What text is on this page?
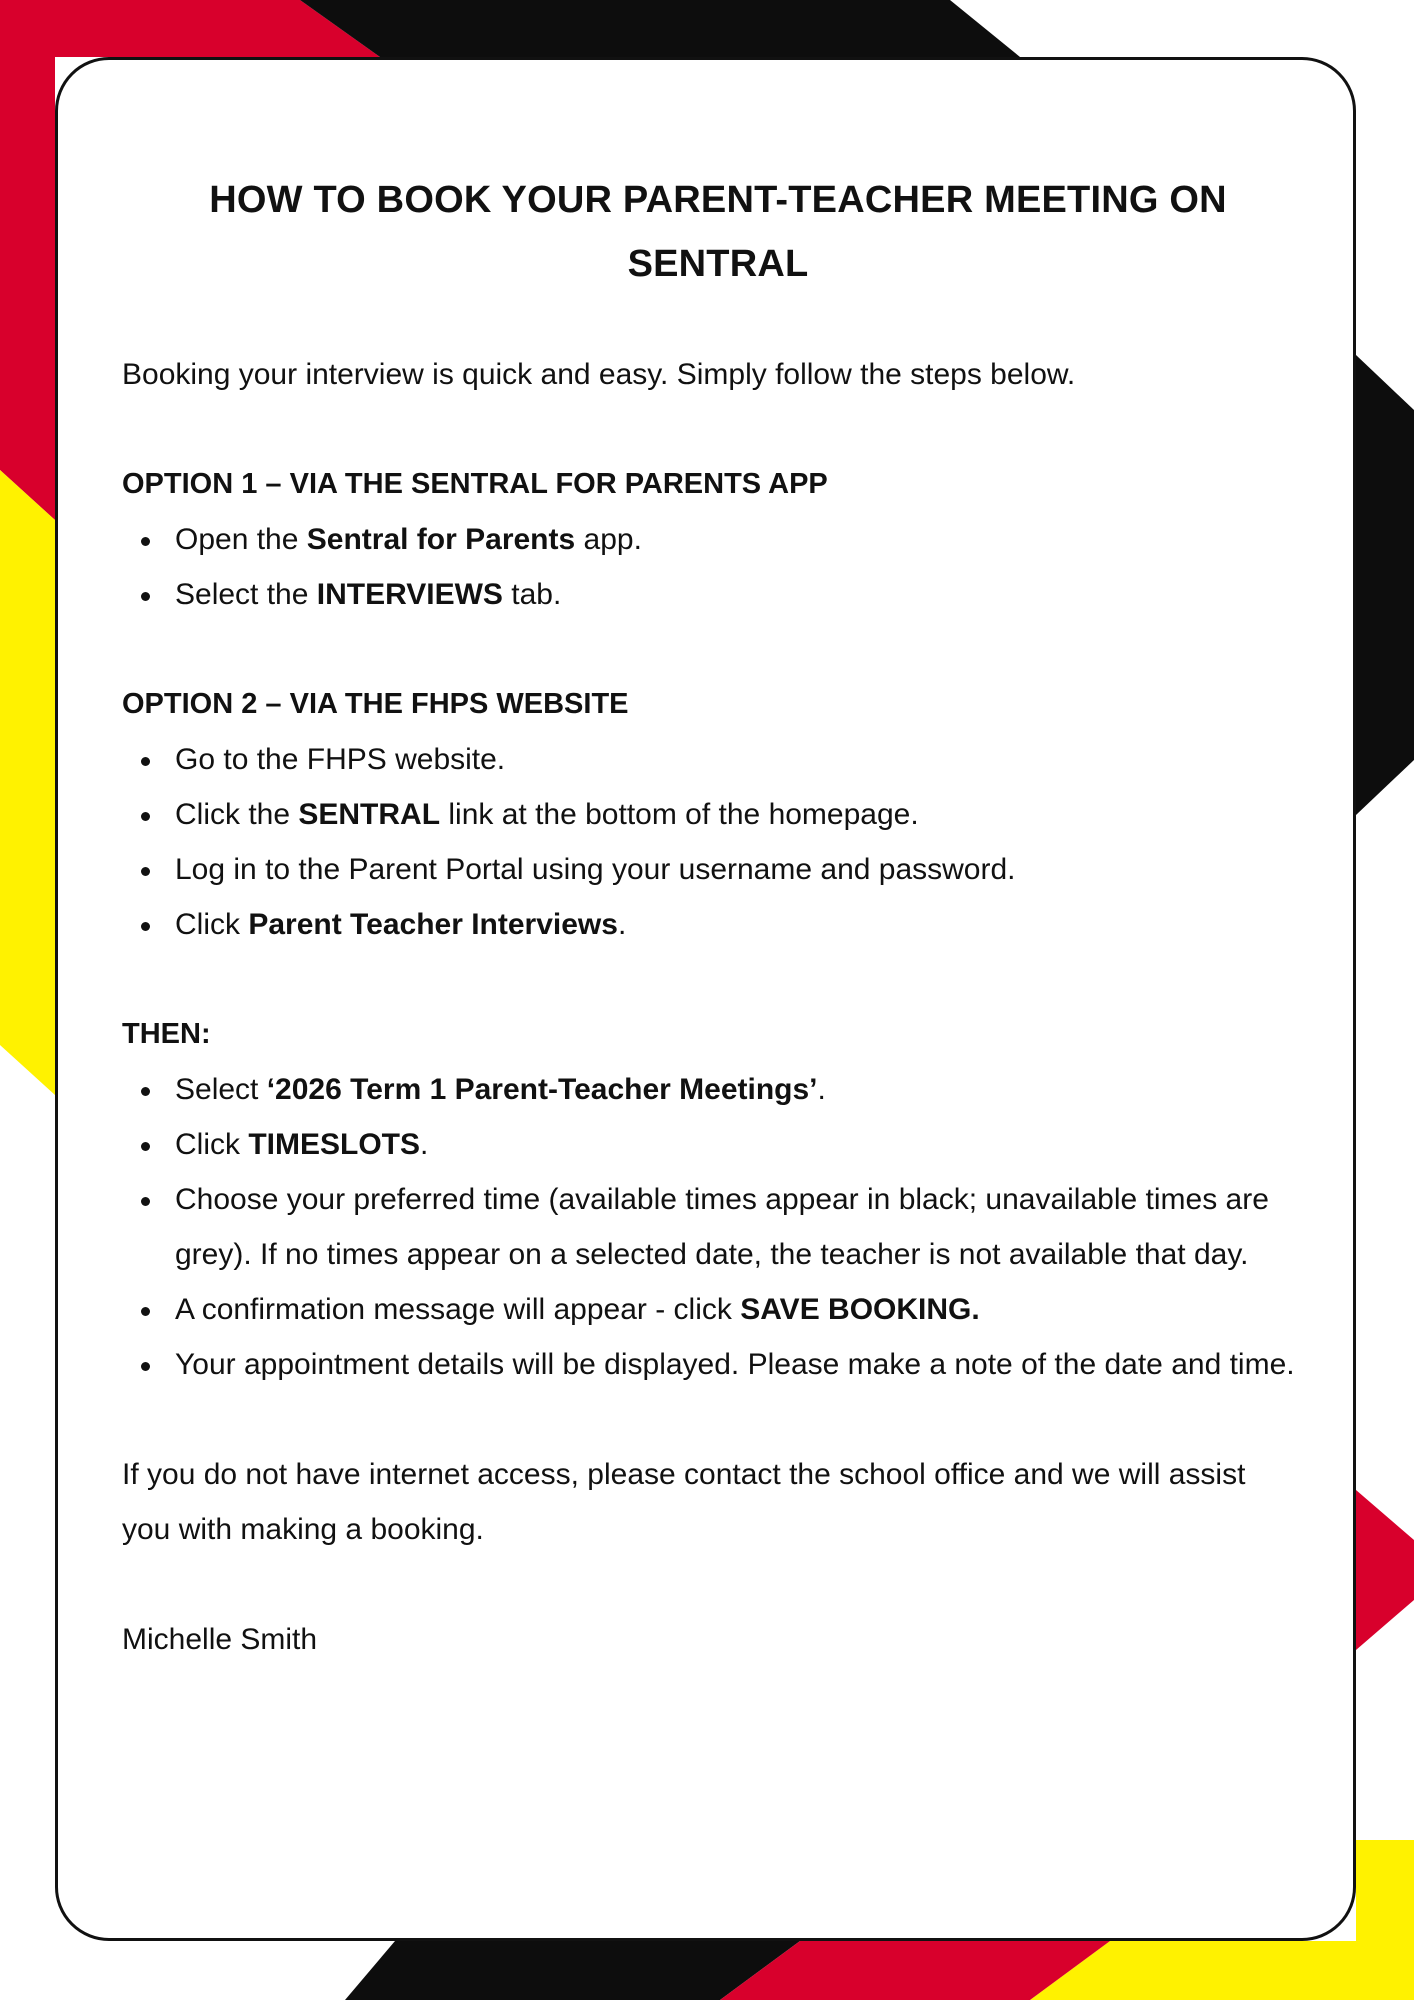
HOW TO BOOK YOUR PARENT-TEACHER MEETING ON SENTRAL

Booking your interview is quick and easy. Simply follow the steps below.

OPTION 1 – VIA THE SENTRAL FOR PARENTS APP
Open the Sentral for Parents app.
Select the INTERVIEWS tab.
OPTION 2 – VIA THE FHPS WEBSITE
Go to the FHPS website.
Click the SENTRAL link at the bottom of the homepage.
Log in to the Parent Portal using your username and password.
Click Parent Teacher Interviews.
THEN:
Select ‘2026 Term 1 Parent-Teacher Meetings’.
Click TIMESLOTS.
Choose your preferred time (available times appear in black; unavailable times are grey). If no times appear on a selected date, the teacher is not available that day.
A confirmation message will appear - click SAVE BOOKING.
Your appointment details will be displayed. Please make a note of the date and time.

If you do not have internet access, please contact the school office and we will assist you with making a booking.

Michelle Smith
